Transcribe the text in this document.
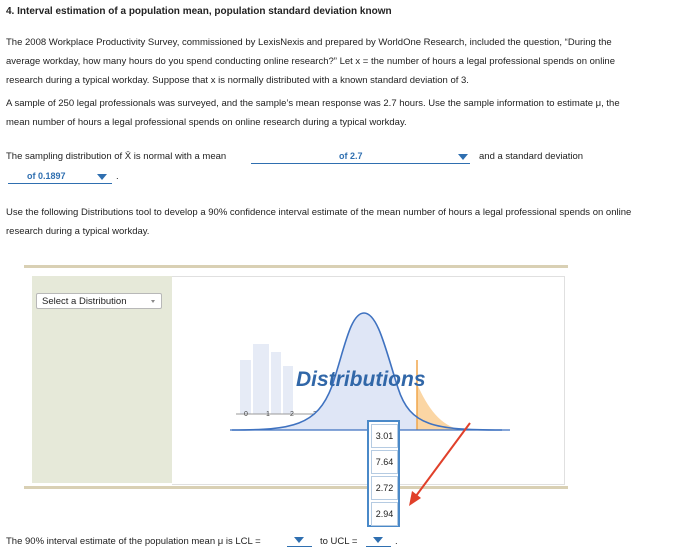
4. Interval estimation of a population mean, population standard deviation known
The 2008 Workplace Productivity Survey, commissioned by LexisNexis and prepared by WorldOne Research, included the question, “During the
average workday, how many hours do you spend conducting online research?” Let x = the number of hours a legal professional spends on online
research during a typical workday. Suppose that x is normally distributed with a known standard deviation of 3.
A sample of 250 legal professionals was surveyed, and the sample’s mean response was 2.7 hours. Use the sample information to estimate μ, the
mean number of hours a legal professional spends on online research during a typical workday.
The sampling distribution of X̄ is normal with a mean	of 2.7	and a standard deviation
of 0.1897	.
Use the following Distributions tool to develop a 90% confidence interval estimate of the mean number of hours a legal professional spends on online
research during a typical workday.
Select a Distribution
0	1	2
Distributions
3.01
7.64
2.72
2.94
The 90% interval estimate of the population mean μ is LCL =	to UCL =	.
